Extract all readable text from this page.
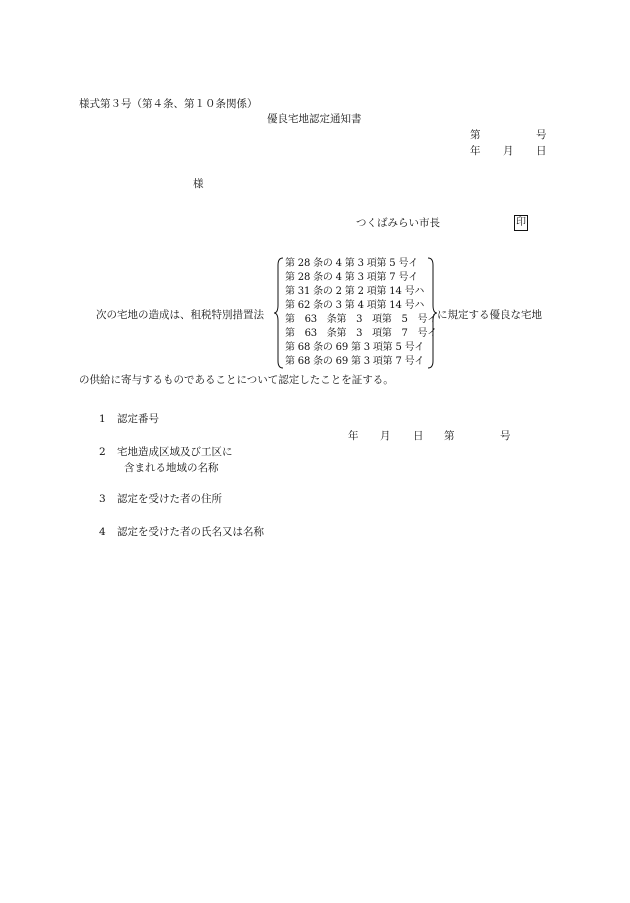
様式第３号（第４条、第１０条関係）
優良宅地認定通知書
第	号
年 月 日
様
つくばみらい市長	印
次の宅地の造成は、租税特別措置法
第 28 条の 4 第 3 項第 5 号イ
第 28 条の 4 第 3 項第 7 号イ
第 31 条の 2 第 2 項第 14 号ハ
第 62 条の 3 第 4 項第 14 号ハ
第　63　条第　3　項第　5　号イ
第　63　条第　3　項第　7　号イ
第 68 条の 69 第 3 項第 5 号イ
第 68 条の 69 第 3 項第 7 号イ
に規定する優良な宅地
の供給に寄与するものであることについて認定したことを証する。
1 認定番号
年 月 日 第	号
2 宅地造成区域及び工区に
含まれる地域の名称
3 認定を受けた者の住所
4 認定を受けた者の氏名又は名称
